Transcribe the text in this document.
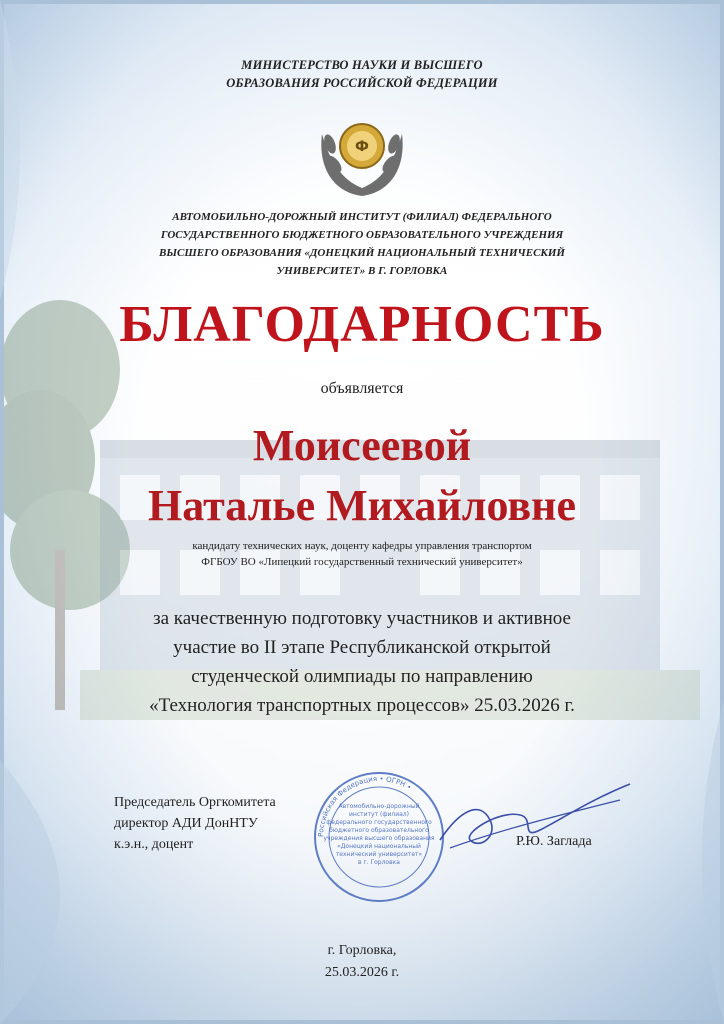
МИНИСТЕРСТВО НАУКИ И ВЫСШЕГО
ОБРАЗОВАНИЯ РОССИЙСКОЙ ФЕДЕРАЦИИ
Ф
АВТОМОБИЛЬНО-ДОРОЖНЫЙ ИНСТИТУТ (ФИЛИАЛ) ФЕДЕРАЛЬНОГО
ГОСУДАРСТВЕННОГО БЮДЖЕТНОГО ОБРАЗОВАТЕЛЬНОГО УЧРЕЖДЕНИЯ
ВЫСШЕГО ОБРАЗОВАНИЯ «ДОНЕЦКИЙ НАЦИОНАЛЬНЫЙ ТЕХНИЧЕСКИЙ
УНИВЕРСИТЕТ» В Г. ГОРЛОВКА
БЛАГОДАРНОСТЬ
объявляется
Моисеевой
Наталье Михайловне
кандидату технических наук, доценту кафедры управления транспортом
ФГБОУ ВО «Липецкий государственный технический университет»
за качественную подготовку участников и активное
участие во II этапе Республиканской открытой
студенческой олимпиады по направлению
«Технология транспортных процессов» 25.03.2026 г.
Председатель Оргкомитета
директор АДИ ДонНТУ
к.э.н., доцент
Российская Федерация • ОГРН •
Автомобильно-дорожный
институт (филиал)
федерального государственного
бюджетного образовательного
учреждения высшего образования
«Донецкий национальный
технический университет»
в г. Горловка
Р.Ю. Заглада
г. Горловка,
25.03.2026 г.
